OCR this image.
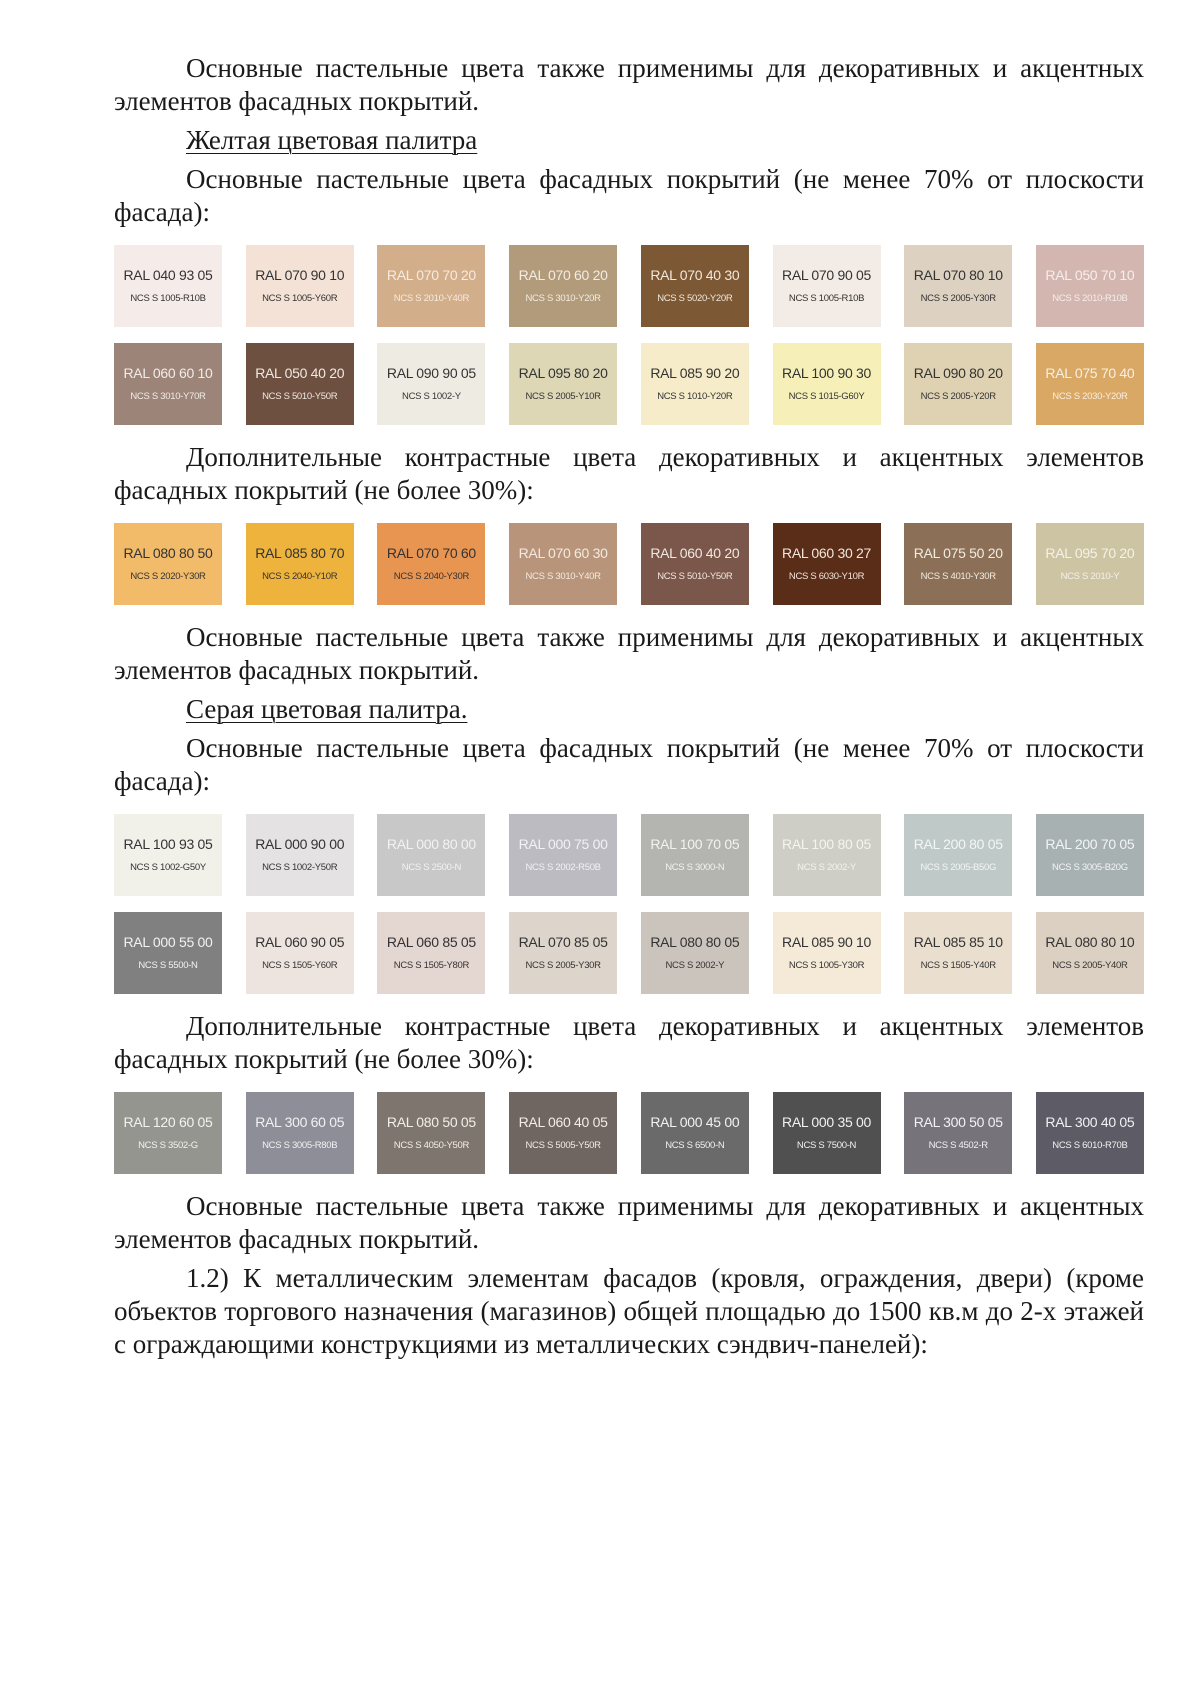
Основные пастельные цвета также применимы для декоративных и акцентных элементов фасадных покрытий.

Желтая цветовая палитра

Основные пастельные цвета фасадных покрытий (не менее 70% от плоскости фасада):

RAL 040 93 05
NCS S 1005-R10B
RAL 070 90 10
NCS S 1005-Y60R
RAL 070 70 20
NCS S 2010-Y40R
RAL 070 60 20
NCS S 3010-Y20R
RAL 070 40 30
NCS S 5020-Y20R
RAL 070 90 05
NCS S 1005-R10B
RAL 070 80 10
NCS S 2005-Y30R
RAL 050 70 10
NCS S 2010-R10B
RAL 060 60 10
NCS S 3010-Y70R
RAL 050 40 20
NCS S 5010-Y50R
RAL 090 90 05
NCS S 1002-Y
RAL 095 80 20
NCS S 2005-Y10R
RAL 085 90 20
NCS S 1010-Y20R
RAL 100 90 30
NCS S 1015-G60Y
RAL 090 80 20
NCS S 2005-Y20R
RAL 075 70 40
NCS S 2030-Y20R

Дополнительные контрастные цвета декоративных и акцентных элементов фасадных покрытий (не более 30%):

RAL 080 80 50
NCS S 2020-Y30R
RAL 085 80 70
NCS S 2040-Y10R
RAL 070 70 60
NCS S 2040-Y30R
RAL 070 60 30
NCS S 3010-Y40R
RAL 060 40 20
NCS S 5010-Y50R
RAL 060 30 27
NCS S 6030-Y10R
RAL 075 50 20
NCS S 4010-Y30R
RAL 095 70 20
NCS S 2010-Y

Основные пастельные цвета также применимы для декоративных и акцентных элементов фасадных покрытий.

Серая цветовая палитра.

Основные пастельные цвета фасадных покрытий (не менее 70% от плоскости фасада):

RAL 100 93 05
NCS S 1002-G50Y
RAL 000 90 00
NCS S 1002-Y50R
RAL 000 80 00
NCS S 2500-N
RAL 000 75 00
NCS S 2002-R50B
RAL 100 70 05
NCS S 3000-N
RAL 100 80 05
NCS S 2002-Y
RAL 200 80 05
NCS S 2005-B50G
RAL 200 70 05
NCS S 3005-B20G
RAL 000 55 00
NCS S 5500-N
RAL 060 90 05
NCS S 1505-Y60R
RAL 060 85 05
NCS S 1505-Y80R
RAL 070 85 05
NCS S 2005-Y30R
RAL 080 80 05
NCS S 2002-Y
RAL 085 90 10
NCS S 1005-Y30R
RAL 085 85 10
NCS S 1505-Y40R
RAL 080 80 10
NCS S 2005-Y40R

Дополнительные контрастные цвета декоративных и акцентных элементов фасадных покрытий (не более 30%):

RAL 120 60 05
NCS S 3502-G
RAL 300 60 05
NCS S 3005-R80B
RAL 080 50 05
NCS S 4050-Y50R
RAL 060 40 05
NCS S 5005-Y50R
RAL 000 45 00
NCS S 6500-N
RAL 000 35 00
NCS S 7500-N
RAL 300 50 05
NCS S 4502-R
RAL 300 40 05
NCS S 6010-R70B

Основные пастельные цвета также применимы для декоративных и акцентных элементов фасадных покрытий.

1.2) К металлическим элементам фасадов (кровля, ограждения, двери) (кроме объектов торгового назначения (магазинов) общей площадью до 1500 кв.м до 2-х этажей с ограждающими конструкциями из металлических сэндвич-панелей):
